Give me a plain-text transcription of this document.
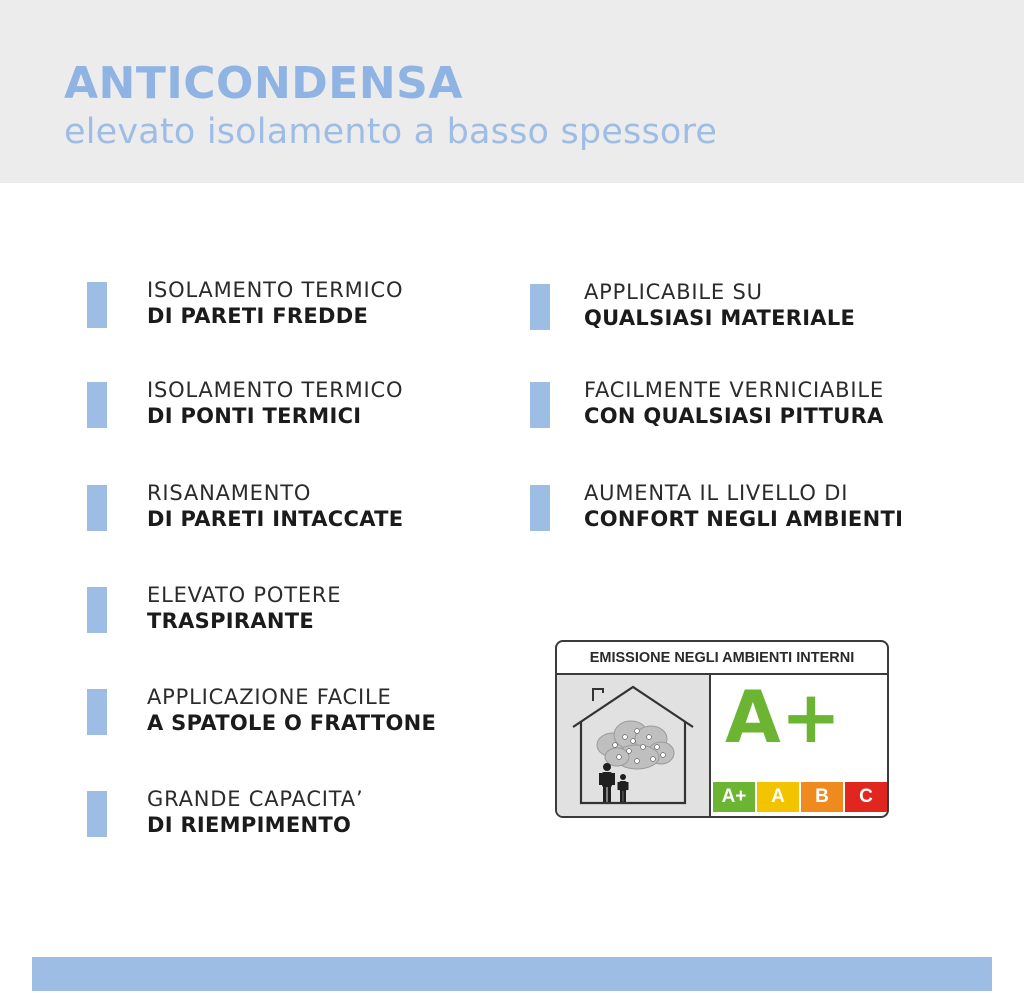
ANTICONDENSA
elevato isolamento a basso spessore
ISOLAMENTO TERMICO
DI PARETI FREDDE
ISOLAMENTO TERMICO
DI PONTI TERMICI
RISANAMENTO
DI PARETI INTACCATE
ELEVATO POTERE
TRASPIRANTE
APPLICAZIONE FACILE
A SPATOLE O FRATTONE
GRANDE CAPACITA’
DI RIEMPIMENTO
APPLICABILE SU
QUALSIASI MATERIALE
FACILMENTE VERNICIABILE
CON QUALSIASI PITTURA
AUMENTA IL LIVELLO DI
CONFORT NEGLI AMBIENTI
EMISSIONE NEGLI AMBIENTI INTERNI
A+
A+	A	B	C
